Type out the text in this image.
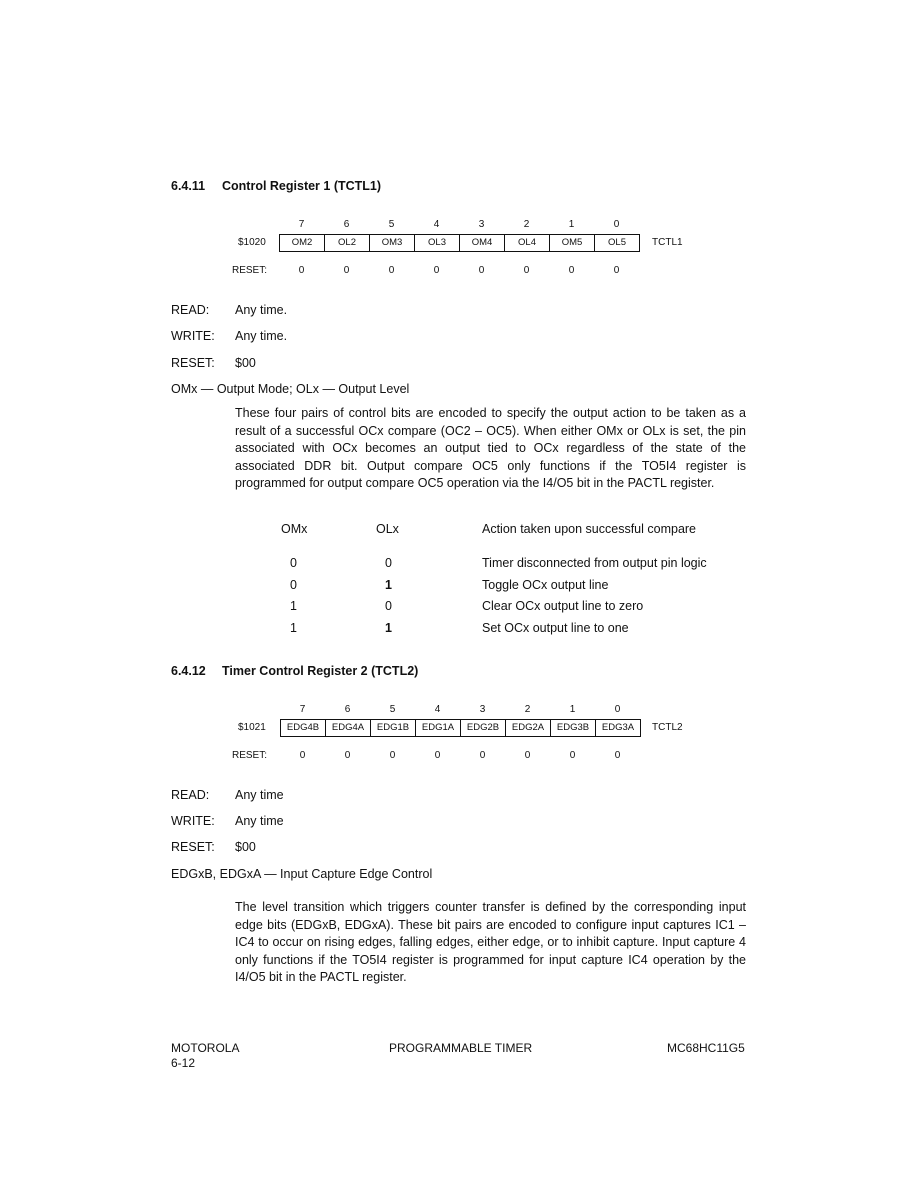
6.4.11 Control Register 1 (TCTL1)
7	6	5	4	3	2	1	0
$1020	OM2	OL2	OM3	OL3	OM4	OL4	OM5	OL5	TCTL1
RESET:	0	0	0	0	0	0	0	0
READ: Any time.
WRITE: Any time.
RESET: $00
OMx — Output Mode; OLx — Output Level

These four pairs of control bits are encoded to specify the output action to be taken as a result of a successful OCx compare (OC2 – OC5). When either OMx or OLx is set, the pin associated with OCx becomes an output tied to OCx regardless of the state of the associated DDR bit. Output compare OC5 only functions if the TO5I4 register is programmed for output compare OC5 operation via the I4/O5 bit in the PACTL register.

OMx	OLx	Action taken upon successful compare
0	0	Timer disconnected from output pin logic
0	1	Toggle OCx output line
1	0	Clear OCx output line to zero
1	1	Set OCx output line to one
6.4.12 Timer Control Register 2 (TCTL2)
7	6	5	4	3	2	1	0
$1021	EDG4B	EDG4A	EDG1B	EDG1A	EDG2B	EDG2A	EDG3B	EDG3A	TCTL2
RESET:	0	0	0	0	0	0	0	0
READ: Any time
WRITE: Any time
RESET: $00
EDGxB, EDGxA — Input Capture Edge Control

The level transition which triggers counter transfer is defined by the corresponding input edge bits (EDGxB, EDGxA). These bit pairs are encoded to configure input captures IC1 – IC4 to occur on rising edges, falling edges, either edge, or to inhibit capture. Input capture 4 only functions if the TO5I4 register is programmed for input capture IC4 operation by the I4/O5 bit in the PACTL register.

MOTOROLA
6-12
PROGRAMMABLE TIMER	MC68HC11G5
